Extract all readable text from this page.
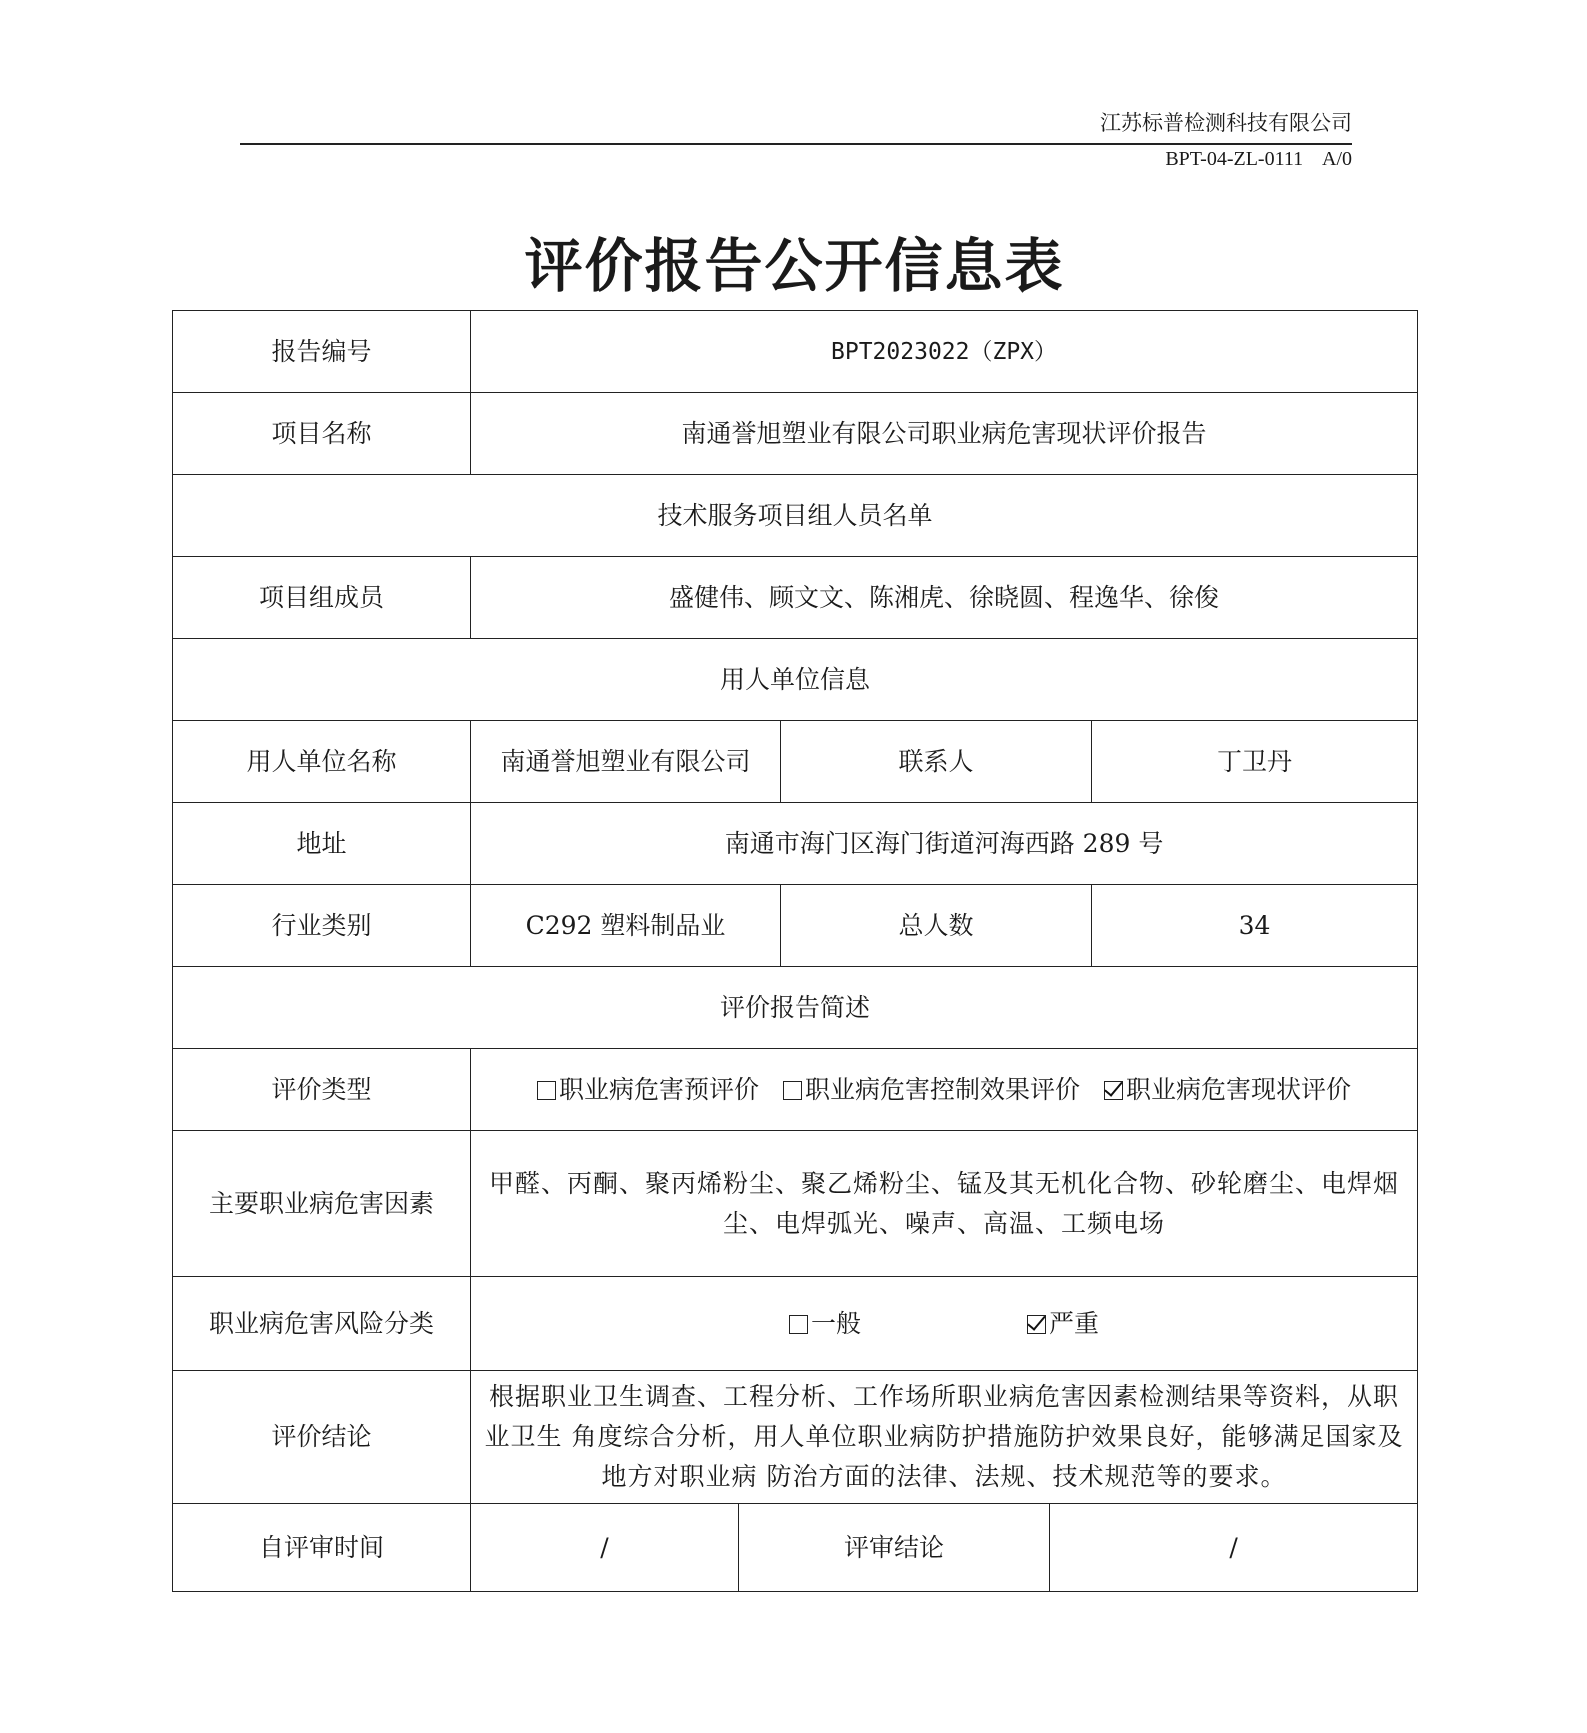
江苏标普检测科技有限公司
BPT-04-ZL-0111    A/0
评价报告公开信息表
报告编号	BPT2023022（ZPX）				
项目名称	南通誉旭塑业有限公司职业病危害现状评价报告				
技术服务项目组人员名单					
项目组成员	盛健伟、顾文文、陈湘虎、徐晓圆、程逸华、徐俊				
用人单位信息					
用人单位名称	南通誉旭塑业有限公司		联系人		丁卫丹
地址	南通市海门区海门街道河海西路 289 号				
行业类别	C292 塑料制品业		总人数		34
评价报告简述					
评价类型	职业病危害预评价 职业病危害控制效果评价 职业病危害现状评价				
主要职业病危害因素	甲醛、丙酮、聚丙烯粉尘、聚乙烯粉尘、锰及其无机化合物、砂轮磨尘、电焊烟尘、电焊弧光、噪声、高温、工频电场				
职业病危害风险分类	一般 严重				
评价结论	根据职业卫生调查、工程分析、工作场所职业病危害因素检测结果等资料，从职业卫生 角度综合分析，用人单位职业病防护措施防护效果良好，能够满足国家及地方对职业病 防治方面的法律、法规、技术规范等的要求。				
自评审时间	/	评审结论		/	
